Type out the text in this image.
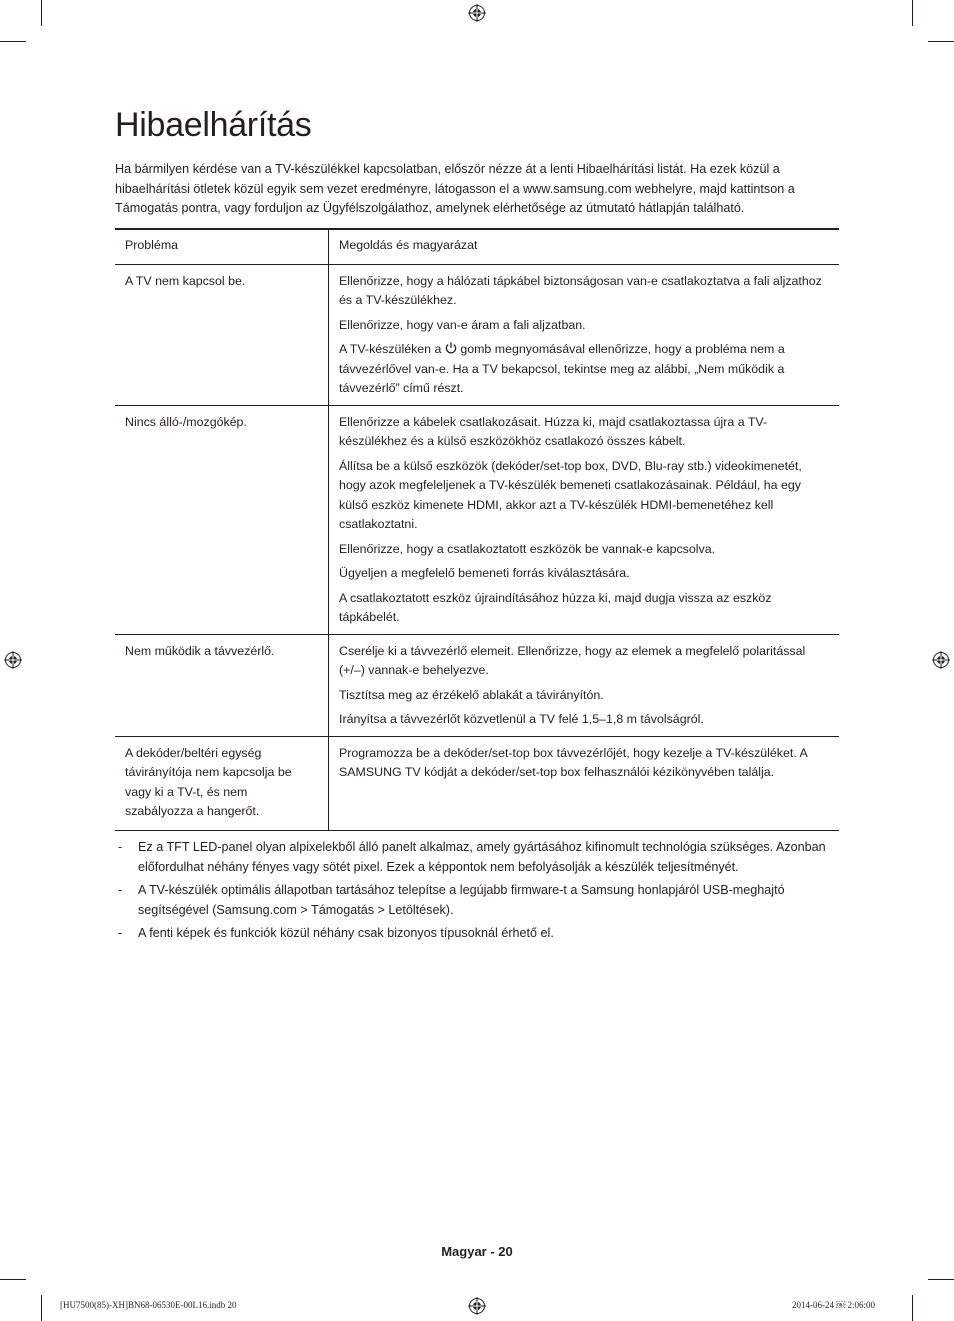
Hibaelhárítás

Ha bármilyen kérdése van a TV-készülékkel kapcsolatban, először nézze át a lenti Hibaelhárítási listát. Ha ezek közül a hibaelhárítási ötletek közül egyik sem vezet eredményre, látogasson el a www.samsung.com webhelyre, majd kattintson a Támogatás pontra, vagy forduljon az Ügyfélszolgálathoz, amelynek elérhetősége az útmutató hátlapján található.

Probléma	Megoldás és magyarázat
A TV nem kapcsol be.	Ellenőrizze, hogy a hálózati tápkábel biztonságosan van-e csatlakoztatva a fali aljzathoz és a TV-készülékhez.

Ellenőrizze, hogy van-e áram a fali aljzatban.

A TV-készüléken a gomb megnyomásával ellenőrizze, hogy a probléma nem a távvezérlővel van-e. Ha a TV bekapcsol, tekintse meg az alábbi, „Nem működik a távvezérlő” című részt.

Nincs álló-/mozgókép.	Ellenőrizze a kábelek csatlakozásait. Húzza ki, majd csatlakoztassa újra a TV-készülékhez és a külső eszközökhöz csatlakozó összes kábelt.

Állítsa be a külső eszközök (dekóder/set-top box, DVD, Blu-ray stb.) videokimenetét, hogy azok megfeleljenek a TV-készülék bemeneti csatlakozásainak. Például, ha egy külső eszköz kimenete HDMI, akkor azt a TV-készülék HDMI-bemenetéhez kell csatlakoztatni.

Ellenőrizze, hogy a csatlakoztatott eszközök be vannak-e kapcsolva.

Ügyeljen a megfelelő bemeneti forrás kiválasztására.

A csatlakoztatott eszköz újraindításához húzza ki, majd dugja vissza az eszköz tápkábelét.

Nem működik a távvezérlő.	Cserélje ki a távvezérlő elemeit. Ellenőrizze, hogy az elemek a megfelelő polaritással (+/–) vannak-e behelyezve.

Tisztítsa meg az érzékelő ablakát a távirányítón.

Irányítsa a távvezérlőt közvetlenül a TV felé 1,5–1,8 m távolságról.

A dekóder/beltéri egység távirányítója nem kapcsolja be vagy ki a TV-t, és nem szabályozza a hangerőt.	Programozza be a dekóder/set-top box távvezérlőjét, hogy kezelje a TV-készüléket. A SAMSUNG TV kódját a dekóder/set-top box felhasználói kézikönyvében találja.

-	Ez a TFT LED-panel olyan alpixelekből álló panelt alkalmaz, amely gyártásához kifinomult technológia szükséges. Azonban előfordulhat néhány fényes vagy sötét pixel. Ezek a képpontok nem befolyásolják a készülék teljesítményét.
-	A TV-készülék optimális állapotban tartásához telepítse a legújabb firmware-t a Samsung honlapjáról USB-meghajtó segítségével (Samsung.com > Támogatás > Letöltések).
-	A fenti képek és funkciók közül néhány csak bizonyos típusoknál érhető el.
Magyar - 20
[HU7500(85)-XH]BN68-06530E-00L16.indb 20	2014-06-24 ￼ 2:06:00
